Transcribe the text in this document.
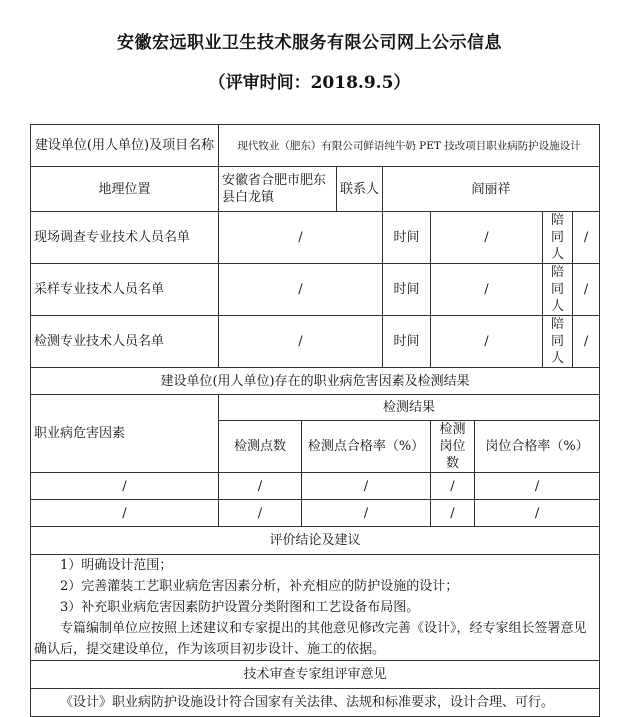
安徽宏远职业卫生技术服务有限公司网上公示信息
（评审时间：2018.9.5）
建设单位(用人单位)及项目名称	现代牧业（肥东）有限公司鲜语纯牛奶 PET 技改项目职业病防护设施设计							
地理位置	安徽省合肥市肥东县白龙镇		联系人	阎丽祥				
现场调查专业技术人员名单	/			时间	/		陪同人	/
采样专业技术人员名单	/			时间	/		陪同人	/
检测专业技术人员名单	/			时间	/		陪同人	/
建设单位(用人单位)存在的职业病危害因素及检测结果								
职业病危害因素	检测结果							
	检测点数	检测点合格率（%）			检测岗位数	岗位合格率（%）		
/	/	/			/	/		
/	/	/			/	/		
评价结论及建议								

1）明确设计范围；

2）完善灌装工艺职业病危害因素分析，补充相应的防护设施的设计；

3）补充职业病危害因素防护设置分类附图和工艺设备布局图。

专篇编制单位应按照上述建议和专家提出的其他意见修改完善《设计》，经专家组长签署意见确认后，提交建设单位，作为该项目初步设计、施工的依据。								

技术审查专家组评审意见								
《设计》职业病防护设施设计符合国家有关法律、法规和标准要求，设计合理、可行。								
